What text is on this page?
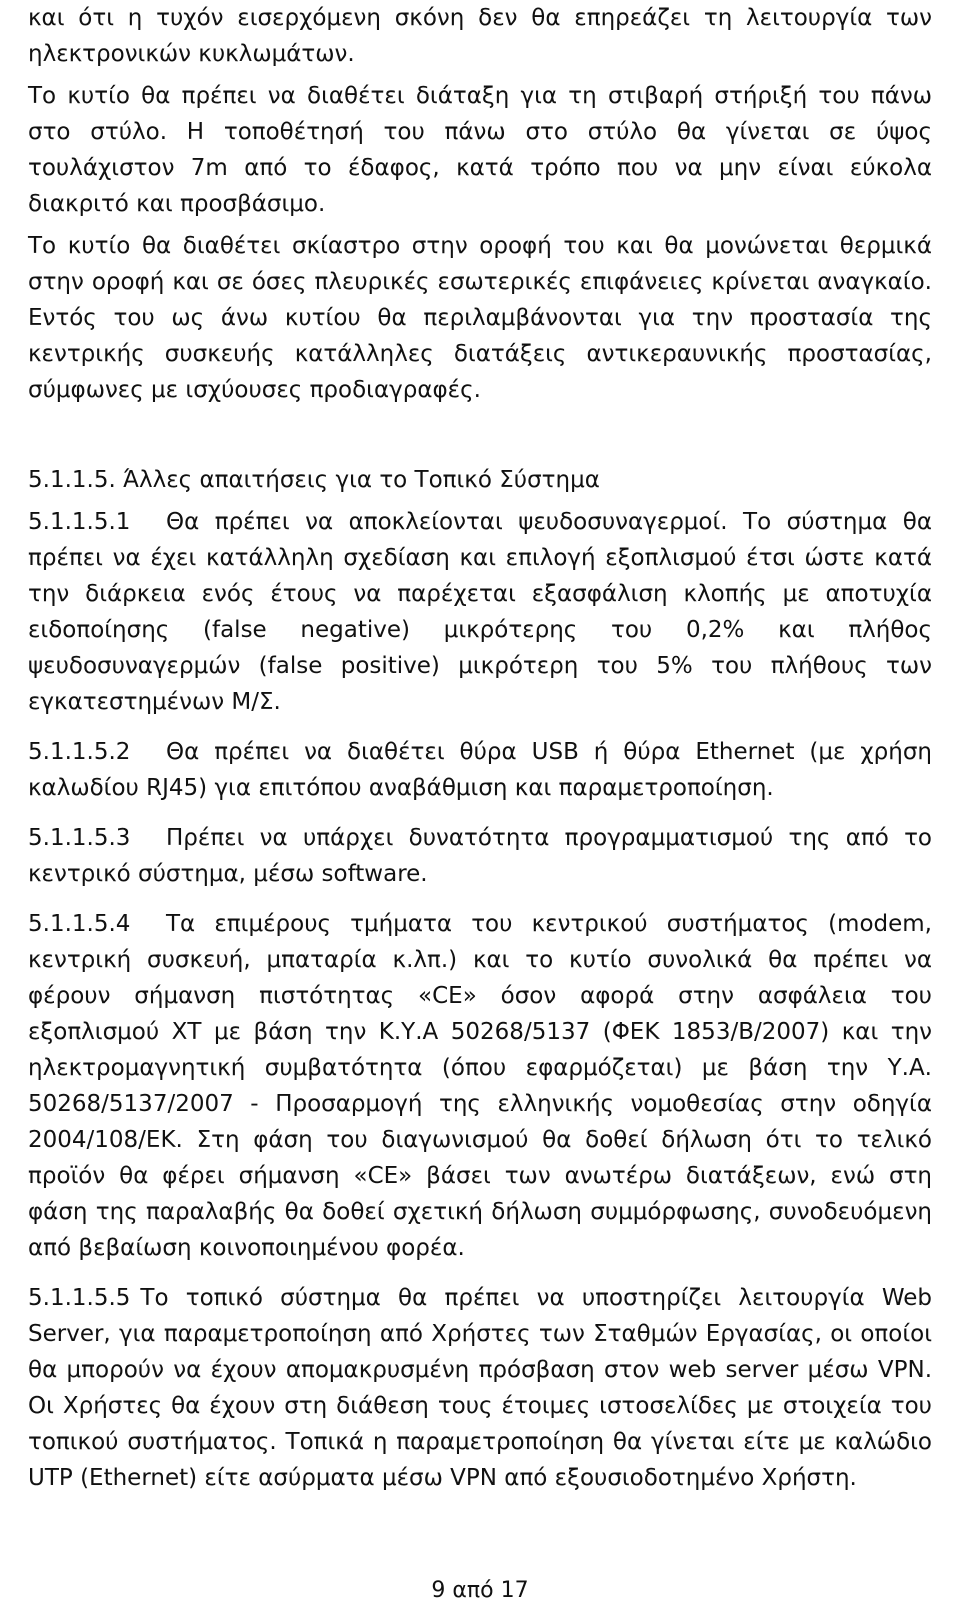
και ότι η τυχόν εισερχόμενη σκόνη δεν θα επηρεάζει τη λειτουργία των ηλεκτρονικών κυκλωμάτων.

Το κυτίο θα πρέπει να διαθέτει διάταξη για τη στιβαρή στήριξή του πάνω στο στύλο. Η τοποθέτησή του πάνω στο στύλο θα γίνεται σε ύψος τουλάχιστον 7m από το έδαφος, κατά τρόπο που να μην είναι εύκολα διακριτό και προσβάσιμο.

Το κυτίο θα διαθέτει σκίαστρο στην οροφή του και θα μονώνεται θερμικά στην οροφή και σε όσες πλευρικές εσωτερικές επιφάνειες κρίνεται αναγκαίο. Εντός του ως άνω κυτίου θα περιλαμβάνονται για την προστασία της κεντρικής συσκευής κατάλληλες διατάξεις αντικεραυνικής προστασίας, σύμφωνες με ισχύουσες προδιαγραφές.

5.1.1.5. Άλλες απαιτήσεις για το Τοπικό Σύστημα

5.1.1.5.1 Θα πρέπει να αποκλείονται ψευδοσυναγερμοί. Το σύστημα θα πρέπει να έχει κατάλληλη σχεδίαση και επιλογή εξοπλισμού έτσι ώστε κατά την διάρκεια ενός έτους να παρέχεται εξασφάλιση κλοπής με αποτυχία ειδοποίησης (false negative) μικρότερης του 0,2% και πλήθος ψευδοσυναγερμών (false positive) μικρότερη του 5% του πλήθους των εγκατεστημένων Μ/Σ.

5.1.1.5.2 Θα πρέπει να διαθέτει θύρα USB ή θύρα Ethernet (με χρήση καλωδίου RJ45) για επιτόπου αναβάθμιση και παραμετροποίηση.

5.1.1.5.3 Πρέπει να υπάρχει δυνατότητα προγραμματισμού της από το κεντρικό σύστημα, μέσω software.

5.1.1.5.4 Τα επιμέρους τμήματα του κεντρικού συστήματος (modem, κεντρική συσκευή, μπαταρία κ.λπ.) και το κυτίο συνολικά θα πρέπει να φέρουν σήμανση πιστότητας «CE» όσον αφορά στην ασφάλεια του εξοπλισμού ΧΤ με βάση την Κ.Υ.Α 50268/5137 (ΦΕΚ 1853/Β/2007) και την ηλεκτρομαγνητική συμβατότητα (όπου εφαρμόζεται) με βάση την Υ.Α. 50268/5137/2007 - Προσαρμογή της ελληνικής νομοθεσίας στην οδηγία 2004/108/ΕΚ. Στη φάση του διαγωνισμού θα δοθεί δήλωση ότι το τελικό προϊόν θα φέρει σήμανση «CE» βάσει των ανωτέρω διατάξεων, ενώ στη φάση της παραλαβής θα δοθεί σχετική δήλωση συμμόρφωσης, συνοδευόμενη από βεβαίωση κοινοποιημένου φορέα.

5.1.1.5.5 Το τοπικό σύστημα θα πρέπει να υποστηρίζει λειτουργία Web Server, για παραμετροποίηση από Χρήστες των Σταθμών Εργασίας, οι οποίοι θα μπορούν να έχουν απομακρυσμένη πρόσβαση στον web server μέσω VPN. Οι Χρήστες θα έχουν στη διάθεση τους έτοιμες ιστοσελίδες με στοιχεία του τοπικού συστήματος. Τοπικά η παραμετροποίηση θα γίνεται είτε με καλώδιο UTP (Ethernet) είτε ασύρματα μέσω VPN από εξουσιοδοτημένο Χρήστη.

9 από 17
